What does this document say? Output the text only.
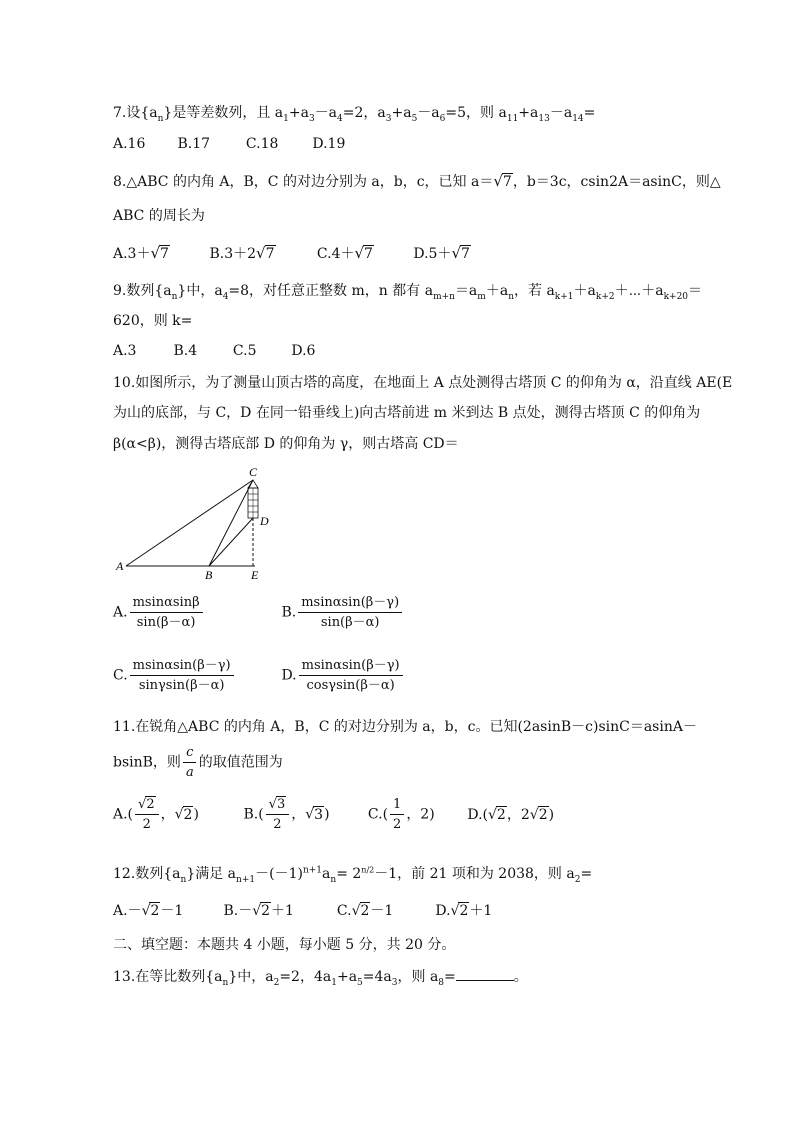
7.设$\{a_n\}$是等差数列，且 $a_1+a_3-a_4=2$，$a_3+a_5-a_6=5$，则 $a_{11}+a_{13}-a_{14}=$
A.16 B.17	C.18 D.19
8.△ABC 的内角 A，B，C 的对边分别为 a，b，c，已知 a＝√7，b＝3c，csin2A＝asinC，则△
ABC 的周长为
A.3＋√7	B.3＋2√7	C.4＋√7	D.5＋√7
9.数列$\{a_n\}$中，$a_4=8$，对任意正整数 m，n 都有 $a_{m+n}=a_m+a_n$，若 $a_{k+1}+a_{k+2}+\cdots+a_{k+20}=$
620，则 k=
A.3	B.4	C.5 D.6
10.如图所示，为了测量山顶古塔的高度，在地面上 A 点处测得古塔顶 C 的仰角为 α，沿直线 AE(E
为山的底部，与 C，D 在同一铅垂线上)向古塔前进 m 米到达 B 点处，测得古塔顶 C 的仰角为
β(α<β)，测得古塔底部 D 的仰角为 γ，则古塔高 CD＝
C
D
A
B	E
A. $\frac{msin\alpha\sin\beta}{\sin(\beta-\alpha)}$	B. $\frac{msin\alpha\sin(\beta-\gamma)}{\sin(\beta-\alpha)}$
C. $\frac{msin\alpha\sin(\beta-\gamma)}{\sin\gamma\sin(\beta-\alpha)}$	D. $\frac{msin\alpha\sin(\beta-\gamma)}{\cos\gamma\sin(\beta-\alpha)}$
11.在锐角△ABC 的内角 A，B，C 的对边分别为 a，b，c。已知(2asinB－c)sinC＝asinA－
bsinB，则 $\frac{c}{a}$ 的取值范围为
$A.( \frac{√2}{2}$ ，√2)	$B.( \frac{√3}{2}$ ，√3)	$C.( \frac{1}{2}$ ，2) D.(√2，2√2)
12.数列$\{a_n\}$满足 $a_{n+1}-(-1)^{n+1}a_n= 2^{n/2}-1$，前 21 项和为 2038，则 $a_2=$
A.－√2－1	B.－√2＋1	C.√2－1	D.√2＋1
二、填空题：本题共 4 小题，每小题 5 分，共 20 分。
13.在等比数列$\{a_n\}$中，$a_2=2$，$4a_1+a_5=4a_3$，则 $a_8=$	。
